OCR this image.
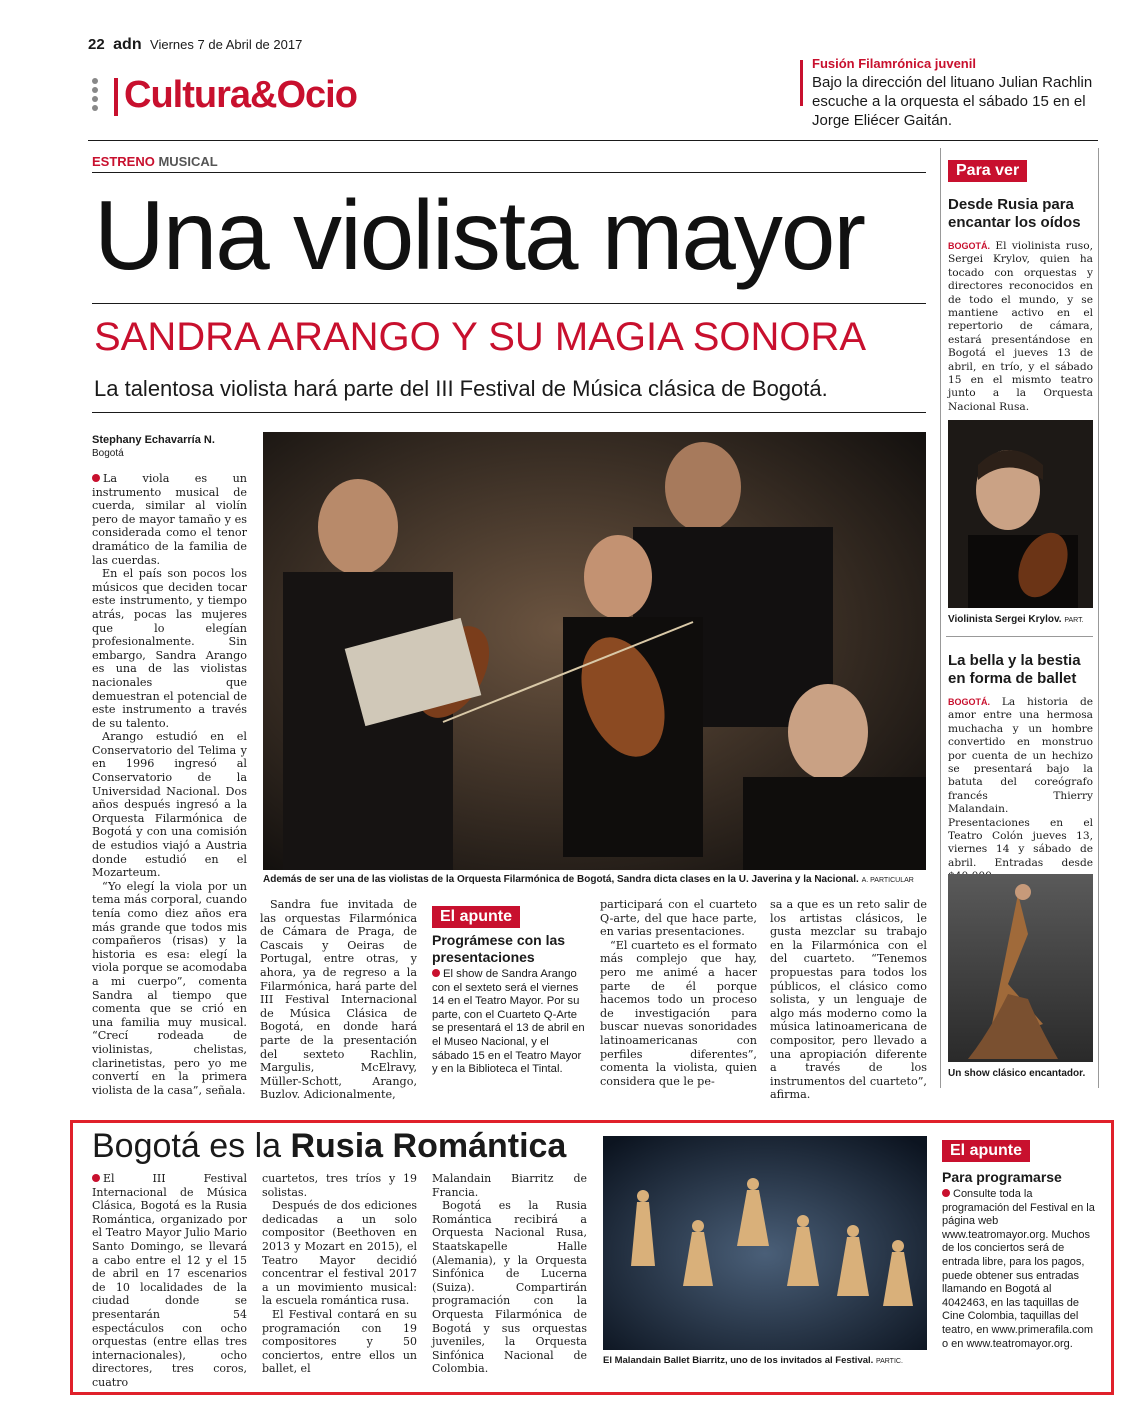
22 adn Viernes 7 de Abril de 2017
Cultura&Ocio
Fusión Filamrónica juvenil
Bajo la dirección del lituano Julian Rachlin escuche a la orquesta el sábado 15 en el Jorge Eliécer Gaitán.
ESTRENO MUSICAL
Una violista mayor
SANDRA ARANGO Y SU MAGIA SONORA
La talentosa violista hará parte del III Festival de Música clásica de Bogotá.
Stephany Echavarría N.
Bogotá

La viola es un instrumento musical de cuerda, similar al violín pero de mayor tamaño y es considerada como el tenor dramático de la familia de las cuerdas.

En el país son pocos los músicos que deciden tocar este instrumento, y tiempo atrás, pocas las mujeres que lo elegían profesionalmente. Sin embargo, Sandra Arango es una de las violistas nacionales que demuestran el potencial de este instrumento a través de su talento.

Arango estudió en el Conservatorio del Telima y en 1996 ingresó al Conservatorio de la Universidad Nacional. Dos años después ingresó a la Orquesta Filarmónica de Bogotá y con una comisión de estudios viajó a Austria donde estudió en el Mozarteum.

“Yo elegí la viola por un tema más corporal, cuando tenía como diez años era más grande que todos mis compañeros (risas) y la historia es esa: elegí la viola porque se acomodaba a mi cuerpo”, comenta Sandra al tiempo que comenta que se crió en una familia muy musical. “Crecí rodeada de violinistas, chelistas, clarinetistas, pero yo me convertí en la primera violista de la casa”, señala.

Además de ser una de las violistas de la Orquesta Filarmónica de Bogotá, Sandra dicta clases en la U. Javerina y la Nacional. A. PARTICULAR

Sandra fue invitada de las orquestas Filarmónica de Cámara de Praga, de Cascais y Oeiras de Portugal, entre otras, y ahora, ya de regreso a la Filarmónica, hará parte del III Festival Internacional de Música Clásica de Bogotá, en donde hará parte de la presentación del sexteto Rachlin, Margulis, McElravy, Müller-Schott, Arango, Buzlov. Adicionalmente,

El apunte
Prográmese con las presentaciones
El show de Sandra Arango con el sexteto será el viernes 14 en el Teatro Mayor. Por su parte, con el Cuarteto Q-Arte se presentará el 13 de abril en el Museo Nacional, y el sábado 15 en el Teatro Mayor y en la Biblioteca el Tintal.

participará con el cuarteto Q-arte, del que hace parte, en varias presentaciones.

“El cuarteto es el formato más complejo que hay, pero me animé a hacer parte de él porque hacemos todo un proceso de investigación para buscar nuevas sonoridades latinoamericanas con perfiles diferentes”, comenta la violista, quien considera que le pe-

sa a que es un reto salir de los artistas clásicos, le gusta mezclar su trabajo en la Filarmónica con el del cuarteto. “Tenemos propuestas para todos los públicos, el clásico como solista, y un lenguaje de algo más moderno como la música latinoamericana de compositor, pero llevado a una apropiación diferente a través de los instrumentos del cuarteto”, afirma.

Para ver
Desde Rusia para encantar los oídos
BOGOTÁ. El violinista ruso, Sergei Krylov, quien ha tocado con orquestas y directores reconocidos en de todo el mundo, y se mantiene activo en el repertorio de cámara, estará presentándose en Bogotá el jueves 13 de abril, en trío, y el sábado 15 en el mismto teatro junto a la Orquesta Nacional Rusa.
Violinista Sergei Krylov. PART.
La bella y la bestia en forma de ballet
BOGOTÁ. La historia de amor entre una hermosa muchacha y un hombre convertido en monstruo por cuenta de un hechizo se presentará bajo la batuta del coreógrafo francés Thierry Malandain. Presentaciones en el Teatro Colón jueves 13, viernes 14 y sábado de abril. Entradas desde
Un show clásico encantador.
Bogotá es la Rusia Romántica

El III Festival Internacional de Música Clásica, Bogotá es la Rusia Romántica, organizado por el Teatro Mayor Julio Mario Santo Domingo, se llevará a cabo entre el 12 y el 15 de abril en 17 escenarios de 10 localidades de la ciudad donde se presentarán 54 espectáculos con ocho orquestas (entre ellas tres internacionales), ocho directores, tres coros, cuatro

cuartetos, tres tríos y 19 solistas.

Después de dos ediciones dedicadas a un solo compositor (Beethoven en 2013 y Mozart en 2015), el Teatro Mayor decidió concentrar el festival 2017 a un movimiento musical: la escuela romántica rusa.

El Festival contará en su programación con 19 compositores y 50 conciertos, entre ellos un ballet, el

Malandain Biarritz de Francia.

Bogotá es la Rusia Romántica recibirá a Orquesta Nacional Rusa, Staatskapelle Halle (Alemania), y la Orquesta Sinfónica de Lucerna (Suiza). Compartirán programación con la Orquesta Filarmónica de Bogotá y sus orquestas juveniles, la Orquesta Sinfónica Nacional de Colombia.

El Malandain Ballet Biarritz, uno de los invitados al Festival. PARTIC.
El apunte
Para programarse
Consulte toda la programación del Festival en la página web www.teatromayor.org. Muchos de los conciertos será de entrada libre, para los pagos, puede obtener sus entradas llamando en Bogotá al 4042463, en las taquillas de Cine Colombia, taquillas del teatro, en www.primerafila.com o en www.teatromayor.org.
